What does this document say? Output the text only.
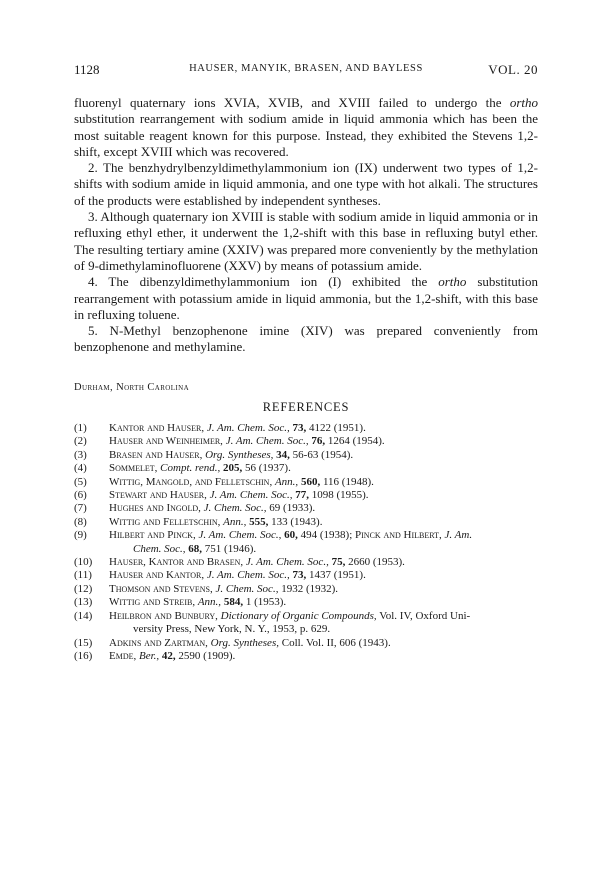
1128	HAUSER, MANYIK, BRASEN, AND BAYLESS	VOL. 20

fluorenyl quaternary ions XVIA, XVIB, and XVIII failed to undergo the ortho substitution rearrangement with sodium amide in liquid ammonia which has been the most suitable reagent known for this purpose. Instead, they exhibited the Stevens 1,2-shift, except XVIII which was recovered.

2. The benzhydrylbenzyldimethylammonium ion (IX) underwent two types of 1,2-shifts with sodium amide in liquid ammonia, and one type with hot alkali. The structures of the products were established by independent syntheses.

3. Although quaternary ion XVIII is stable with sodium amide in liquid ammonia or in refluxing ethyl ether, it underwent the 1,2-shift with this base in refluxing butyl ether. The resulting tertiary amine (XXIV) was prepared more conveniently by the methylation of 9-dimethylaminofluorene (XXV) by means of potassium amide.

4. The dibenzyldimethylammonium ion (I) exhibited the ortho substitution rearrangement with potassium amide in liquid ammonia, but the 1,2-shift, with this base in refluxing toluene.

5. N-Methyl benzophenone imine (XIV) was prepared conveniently from benzophenone and methylamine.

Durham, North Carolina
REFERENCES
(1) Kantor and Hauser, J. Am. Chem. Soc., 73, 4122 (1951).
(2) Hauser and Weinheimer, J. Am. Chem. Soc., 76, 1264 (1954).
(3) Brasen and Hauser, Org. Syntheses, 34, 56-63 (1954).
(4) Sommelet, Compt. rend., 205, 56 (1937).
(5) Wittig, Mangold, and Felletschin, Ann., 560, 116 (1948).
(6) Stewart and Hauser, J. Am. Chem. Soc., 77, 1098 (1955).
(7) Hughes and Ingold, J. Chem. Soc., 69 (1933).
(8) Wittig and Felletschin, Ann., 555, 133 (1943).
(9) Hilbert and Pinck, J. Am. Chem. Soc., 60, 494 (1938); Pinck and Hilbert, J. Am.
Chem. Soc., 68, 751 (1946).
(10) Hauser, Kantor and Brasen, J. Am. Chem. Soc., 75, 2660 (1953).
(11) Hauser and Kantor, J. Am. Chem. Soc., 73, 1437 (1951).
(12) Thomson and Stevens, J. Chem. Soc., 1932 (1932).
(13) Wittig and Streib, Ann., 584, 1 (1953).
(14) Heilbron and Bunbury, Dictionary of Organic Compounds, Vol. IV, Oxford Uni-
versity Press, New York, N. Y., 1953, p. 629.
(15) Adkins and Zartman, Org. Syntheses, Coll. Vol. II, 606 (1943).
(16) Emde, Ber., 42, 2590 (1909).
